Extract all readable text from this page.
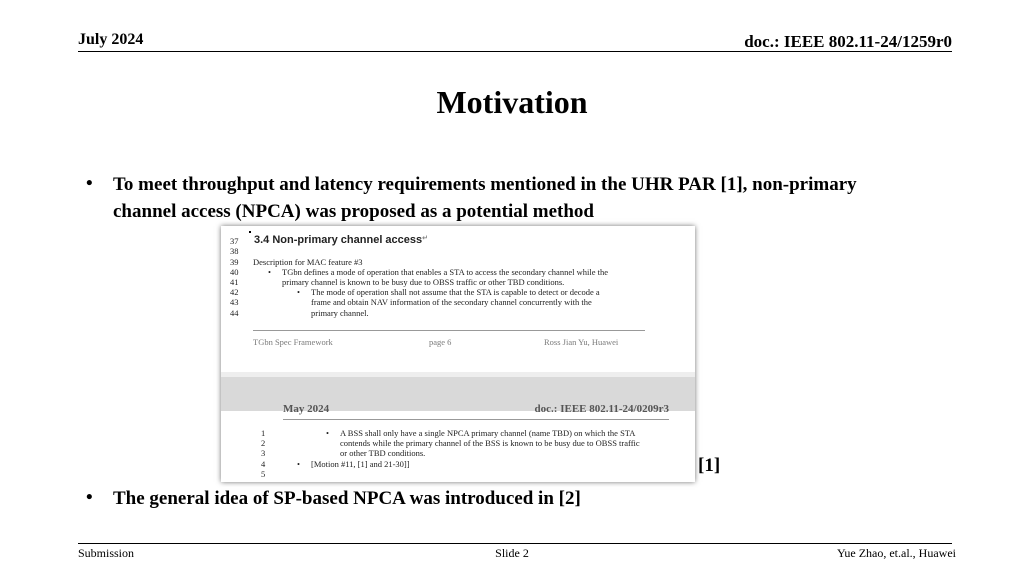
July 2024	doc.: IEEE 802.11-24/1259r0
Motivation
• To meet throughput and latency requirements mentioned in the UHR PAR [1], non-primary channel access (NPCA) was proposed as a potential method
3.4 Non-primary channel access ↵
37
38
39
40
41
42
43
44
Description for MAC feature #3
• TGbn defines a mode of operation that enables a STA to access the secondary channel while the
primary channel is known to be busy due to OBSS traffic or other TBD conditions.
• The mode of operation shall not assume that the STA is capable to detect or decode a
frame and obtain NAV information of the secondary channel concurrently with the
primary channel.
TGbn Spec Framework	page 6	Ross Jian Yu, Huawei
May 2024	doc.: IEEE 802.11-24/0209r3
1
2
3
4
5
• A BSS shall only have a single NPCA primary channel (name TBD) on which the STA
contends while the primary channel of the BSS is known to be busy due to OBSS traffic
or other TBD conditions.
• [Motion #11, [1] and 21-30]]	[1]
• The general idea of SP-based NPCA was introduced in [2]
Submission	Slide 2	Yue Zhao, et.al., Huawei
